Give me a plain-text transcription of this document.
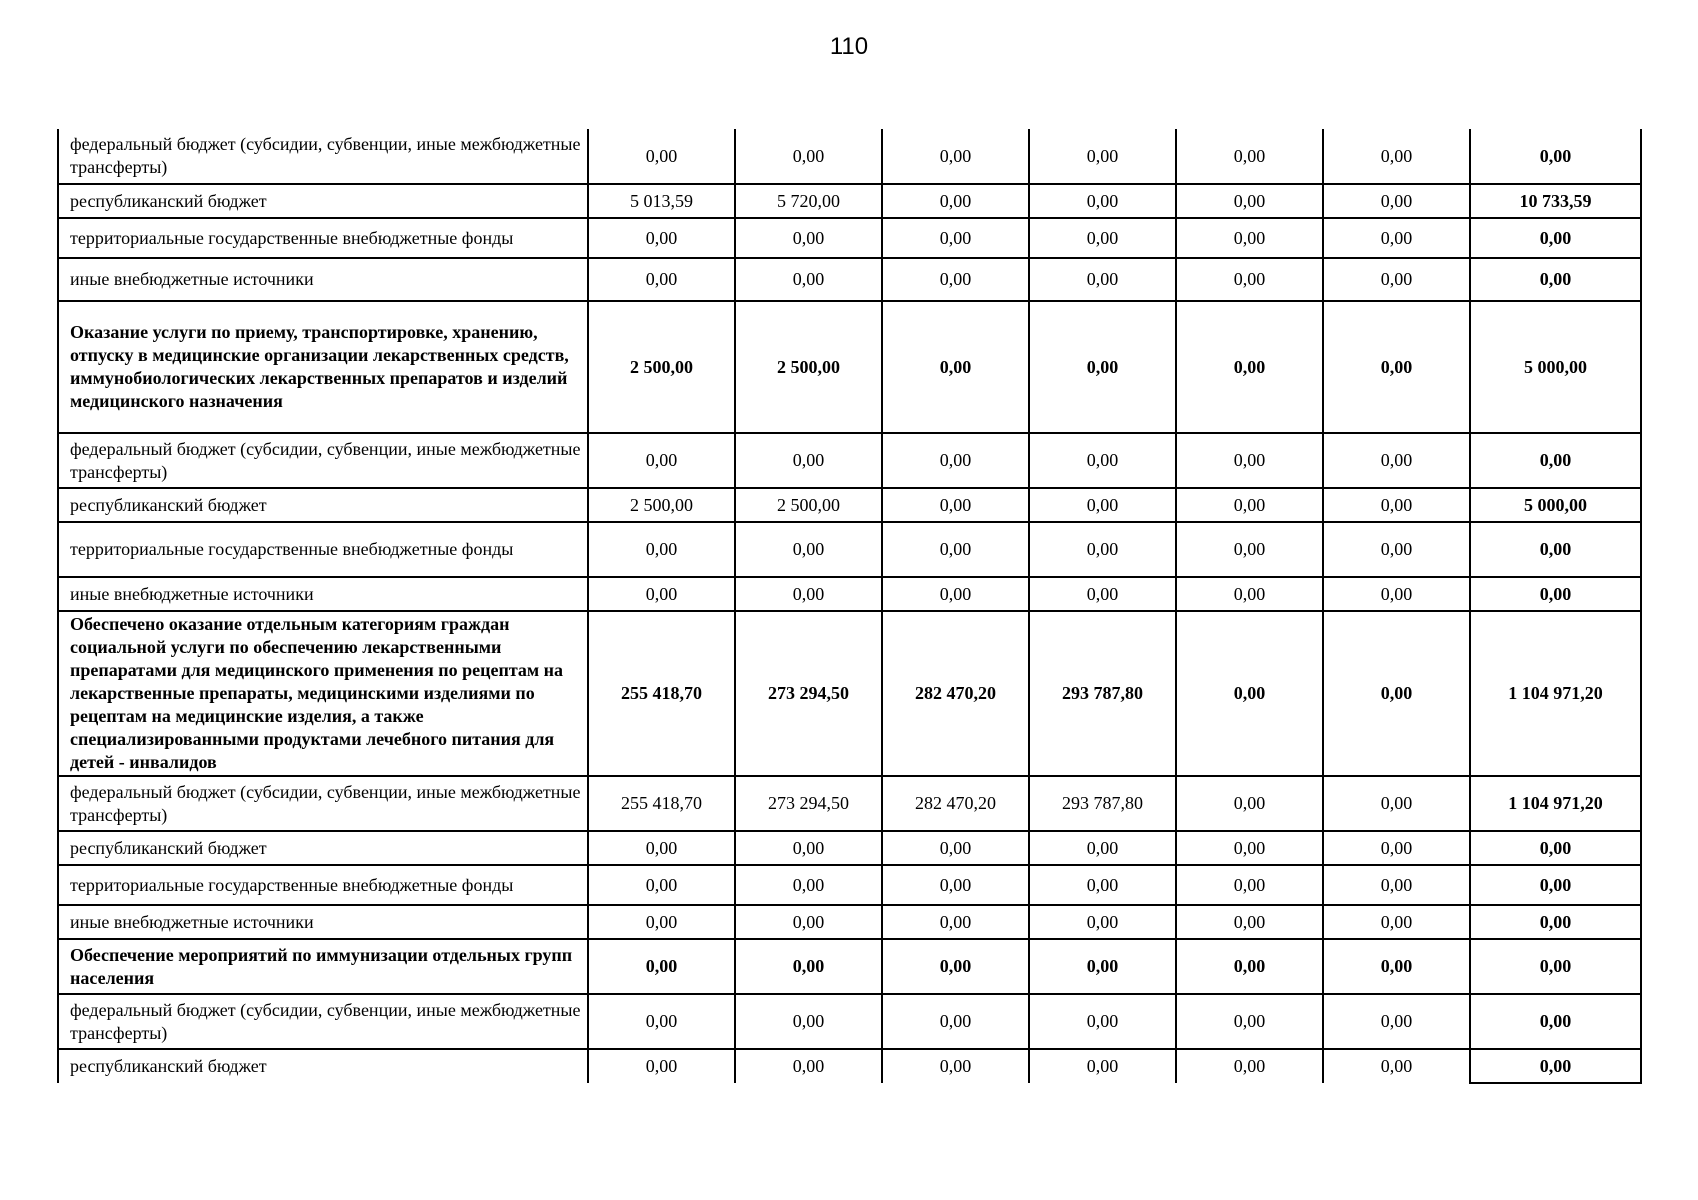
110
федеральный бюджет (субсидии, субвенции, иные межбюджетные трансферты)	0,00	0,00	0,00	0,00	0,00	0,00	0,00
республиканский бюджет	5 013,59	5 720,00	0,00	0,00	0,00	0,00	10 733,59
территориальные государственные внебюджетные фонды	0,00	0,00	0,00	0,00	0,00	0,00	0,00
иные внебюджетные источники	0,00	0,00	0,00	0,00	0,00	0,00	0,00
Оказание услуги по приему, транспортировке, хранению, отпуску в медицинские организации лекарственных средств, иммунобиологических лекарственных препаратов и изделий медицинского назначения	2 500,00	2 500,00	0,00	0,00	0,00	0,00	5 000,00
федеральный бюджет (субсидии, субвенции, иные межбюджетные трансферты)	0,00	0,00	0,00	0,00	0,00	0,00	0,00
республиканский бюджет	2 500,00	2 500,00	0,00	0,00	0,00	0,00	5 000,00
территориальные государственные внебюджетные фонды	0,00	0,00	0,00	0,00	0,00	0,00	0,00
иные внебюджетные источники	0,00	0,00	0,00	0,00	0,00	0,00	0,00
Обеспечено оказание отдельным категориям граждан социальной услуги по обеспечению лекарственными препаратами для медицинского применения по рецептам на лекарственные препараты, медицинскими изделиями по рецептам на медицинские изделия, а также специализированными продуктами лечебного питания для детей - инвалидов	255 418,70	273 294,50	282 470,20	293 787,80	0,00	0,00	1 104 971,20
федеральный бюджет (субсидии, субвенции, иные межбюджетные трансферты)	255 418,70	273 294,50	282 470,20	293 787,80	0,00	0,00	1 104 971,20
республиканский бюджет	0,00	0,00	0,00	0,00	0,00	0,00	0,00
территориальные государственные внебюджетные фонды	0,00	0,00	0,00	0,00	0,00	0,00	0,00
иные внебюджетные источники	0,00	0,00	0,00	0,00	0,00	0,00	0,00
Обеспечение мероприятий по иммунизации отдельных групп населения	0,00	0,00	0,00	0,00	0,00	0,00	0,00
федеральный бюджет (субсидии, субвенции, иные межбюджетные трансферты)	0,00	0,00	0,00	0,00	0,00	0,00	0,00
республиканский бюджет	0,00	0,00	0,00	0,00	0,00	0,00	0,00
